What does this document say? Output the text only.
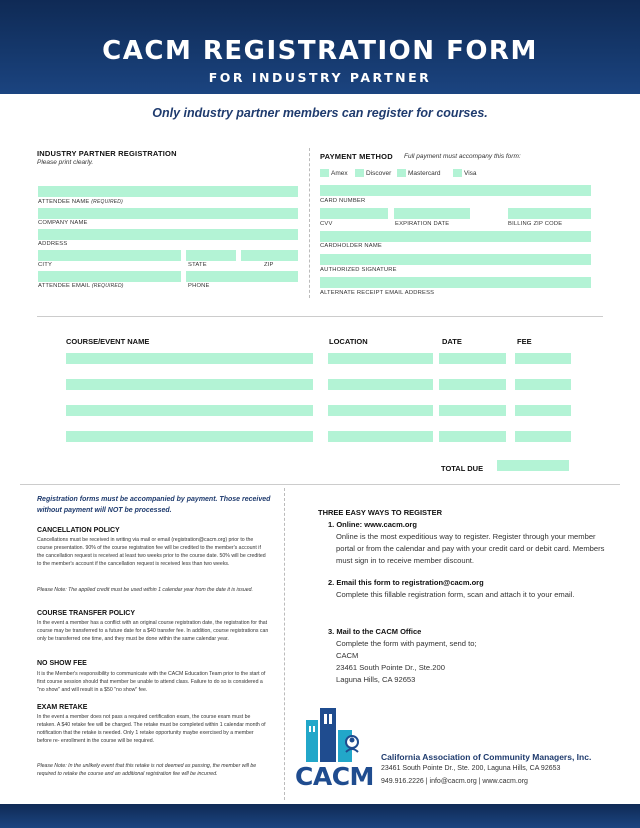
CACM REGISTRATION FORM
FOR INDUSTRY PARTNER
Only industry partner members can register for courses.
INDUSTRY PARTNER REGISTRATION
Please print clearly.
ATTENDEE NAME (REQUIRED)
COMPANY NAME
ADDRESS
CITY	STATE	ZIP
ATTENDEE EMAIL (REQUIRED)	PHONE
PAYMENT METHOD Full payment must accompany this form:
Amex	Discover	Mastercard	Visa
CARD NUMBER
CVV	EXPIRATION DATE	BILLING ZIP CODE
CARDHOLDER NAME
AUTHORIZED SIGNATURE
ALTERNATE RECEIPT EMAIL ADDRESS
COURSE/EVENT NAME	LOCATION	DATE	FEE
TOTAL DUE
Registration forms must be accompanied by payment. Those received without payment will NOT be processed.
CANCELLATION POLICY
Cancellations must be received in writing via mail or email (registration@cacm.org) prior to the course presentation. 90% of the course registration fee will be credited to the member's account if the cancellation request is received at least two weeks prior to the course date. 50% will be credited to the member's account if the cancellation request is received less than two weeks.
Please Note: The applied credit must be used within 1 calendar year from the date it is issued.
COURSE TRANSFER POLICY
In the event a member has a conflict with an original course registration date, the registration for that course may be transferred to a future date for a $40 transfer fee. In addition, course registrations can only be transferred one time, and they must be done within the same calendar year.
NO SHOW FEE
It is the Member's responsibility to communicate with the CACM Education Team prior to the start of first course session should that member be unable to attend class. Failure to do so is considered a "no show" and will result in a $50 "no show" fee.
EXAM RETAKE
In the event a member does not pass a required certification exam, the course exam must be retaken. A $40 retake fee will be charged. The retake must be completed within 1 calendar month of notification that the retake is needed. Only 1 retake opportunity maybe exercised by a member before re- enrollment in the course will be required.
Please Note: In the unlikely event that this retake is not deemed as passing, the member will be required to retake the course and an additional registration fee will be incurred.
THREE EASY WAYS TO REGISTER
1. Online: www.cacm.org
Online is the most expeditious way to register. Register through your member portal or from the calendar and pay with your credit card or debit card. Members must sign in to receive member discount.
2. Email this form to registration@cacm.org
Complete this fillable registration form, scan and attach it to your email.
3. Mail to the CACM Office
Complete the form with payment, send to;
CACM
23461 South Pointe Dr., Ste.200
Laguna Hills, CA 92653
CACM
California Association of Community Managers, Inc.
23461 South Pointe Dr., Ste. 200, Laguna Hills, CA 92653
949.916.2226 | info@cacm.org | www.cacm.org
